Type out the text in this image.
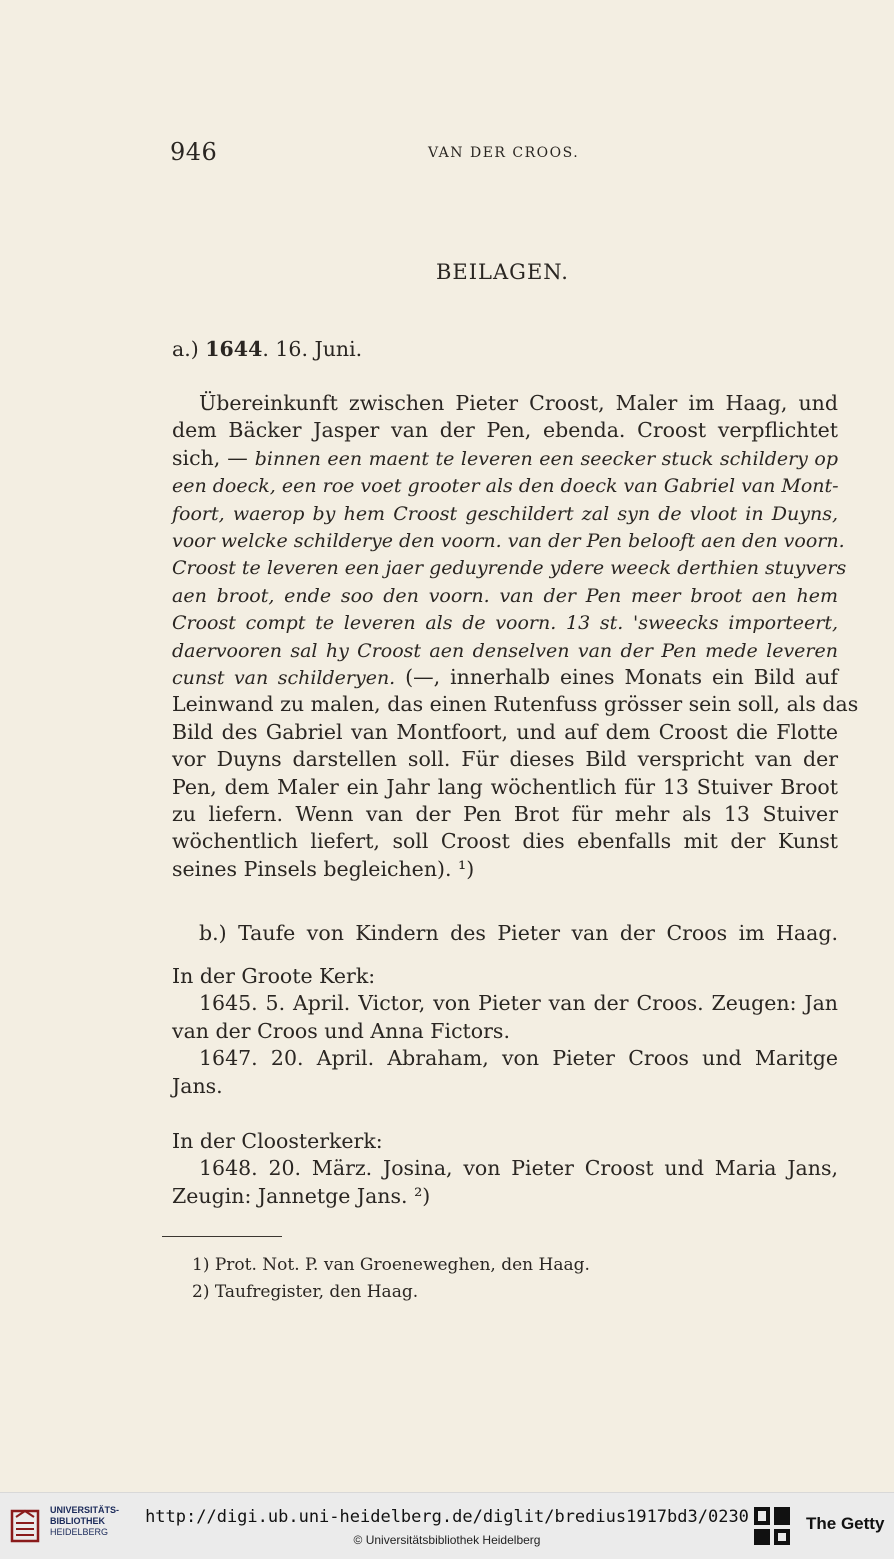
946	VAN DER CROOS.
BEILAGEN.
a.) 1644. 16. Juni.
Übereinkunft zwischen Pieter Croost, Maler im Haag, und
dem Bäcker Jasper van der Pen, ebenda. Croost verpflichtet
sich, — binnen een maent te leveren een seecker stuck schildery op
een doeck, een roe voet grooter als den doeck van Gabriel van Mont-
foort, waerop by hem Croost geschildert zal syn de vloot in Duyns,
voor welcke schilderye den voorn. van der Pen belooft aen den voorn.
Croost te leveren een jaer geduyrende ydere weeck derthien stuyvers
aen broot, ende soo den voorn. van der Pen meer broot aen hem
Croost compt te leveren als de voorn. 13 st. 'sweecks importeert,
daervooren sal hy Croost aen denselven van der Pen mede leveren
cunst van schilderyen. (—, innerhalb eines Monats ein Bild auf
Leinwand zu malen, das einen Rutenfuss grösser sein soll, als das
Bild des Gabriel van Montfoort, und auf dem Croost die Flotte
vor Duyns darstellen soll. Für dieses Bild verspricht van der
Pen, dem Maler ein Jahr lang wöchentlich für 13 Stuiver Broot
zu liefern. Wenn van der Pen Brot für mehr als 13 Stuiver
wöchentlich liefert, soll Croost dies ebenfalls mit der Kunst
seines Pinsels begleichen). ¹)
b.) Taufe von Kindern des Pieter van der Croos im Haag.
In der Groote Kerk:
1645. 5. April. Victor, von Pieter van der Croos. Zeugen: Jan
van der Croos und Anna Fictors.
1647. 20. April. Abraham, von Pieter Croos und Maritge
Jans.
In der Cloosterkerk:
1648. 20. März. Josina, von Pieter Croost und Maria Jans,
Zeugin: Jannetge Jans. ²)
1) Prot. Not. P. van Groeneweghen, den Haag.
2) Taufregister, den Haag.
UNIVERSITÄTS-
BIBLIOTHEK
HEIDELBERG
http://digi.ub.uni-heidelberg.de/diglit/bredius1917bd3/0230
© Universitätsbibliothek Heidelberg
The Getty
